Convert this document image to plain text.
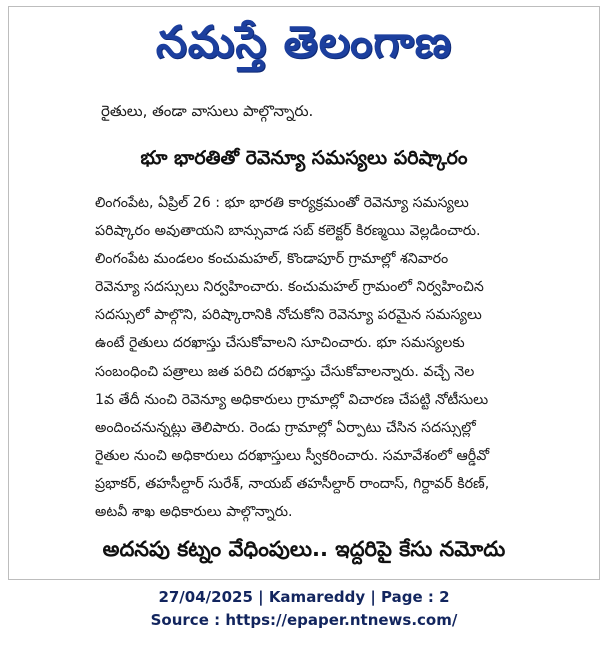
నమస్తే తెలంగాణ
రైతులు, తండా వాసులు పాల్గొన్నారు.
భూ భారతితో రెవెన్యూ సమస్యలు పరిష్కారం
లింగంపేట, ఏప్రిల్ 26 : భూ భారతి కార్యక్రమంతో రెవెన్యూ సమస్యలు
పరిష్కారం అవుతాయని బాన్సువాడ సబ్ కలెక్టర్ కిరణ్మయి వెల్లడించారు.
లింగంపేట మండలం కంచుమహల్, కొండాపూర్ గ్రామాల్లో శనివారం
రెవెన్యూ సదస్సులు నిర్వహించారు. కంచుమహల్ గ్రామంలో నిర్వహించిన
సదస్సులో పాల్గొని, పరిష్కారానికి నోచుకోని రెవెన్యూ పరమైన సమస్యలు
ఉంటే రైతులు దరఖాస్తు చేసుకోవాలని సూచించారు. భూ సమస్యలకు
సంబంధించి పత్రాలు జత పరిచి దరఖాస్తు చేసుకోవాలన్నారు. వచ్చే నెల
1వ తేదీ నుంచి రెవెన్యూ అధికారులు గ్రామాల్లో విచారణ చేపట్టి నోటీసులు
అందించనున్నట్లు తెలిపారు. రెండు గ్రామాల్లో ఏర్పాటు చేసిన సదస్సుల్లో
రైతుల నుంచి అధికారులు దరఖాస్తులు స్వీకరించారు. సమావేశంలో ఆర్డీవో
ప్రభాకర్, తహసీల్దార్ సురేశ్, నాయబ్ తహసీల్దార్ రాందాస్, గిర్దావర్ కిరణ్,
అటవీ శాఖ అధికారులు పాల్గొన్నారు.
అదనపు కట్నం వేధింపులు.. ఇద్దరిపై కేసు నమోదు
27/04/2025 | Kamareddy | Page : 2
Source : https://epaper.ntnews.com/
